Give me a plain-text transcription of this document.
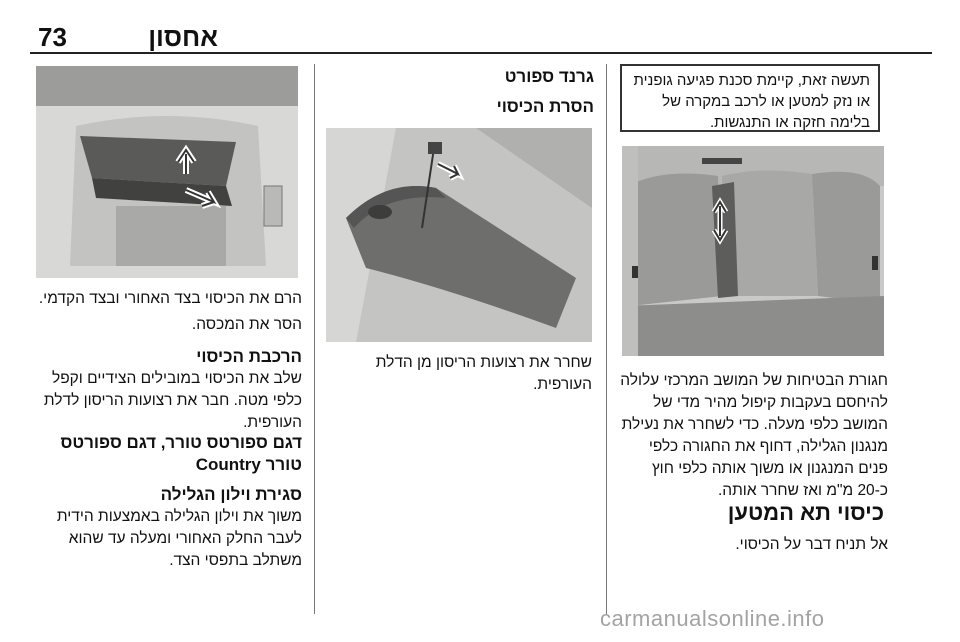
73	אחסון
תעשה זאת, קיימת סכנת פגיעה גופנית או נזק למטען או לרכב במקרה של בלימה חזקה או התנגשות.
חגורת הבטיחות של המושב המרכזי עלולה להיחסם בעקבות קיפול מהיר מדי של המושב כלפי מעלה. כדי לשחרר את נעילת מנגנון הגלילה, דחוף את החגורה כלפי פנים המנגנון או משוך אותה כלפי חוץ כ-20 מ"מ ואז שחרר אותה.
כיסוי תא המטען
אל תניח דבר על הכיסוי.
גרנד ספורט
הסרת הכיסוי
שחרר את רצועות הריסון מן הדלת העורפית.
הרם את הכיסוי בצד האחורי ובצד הקדמי.
הסר את המכסה.
הרכבת הכיסוי
שלב את הכיסוי במובילים הצידיים וקפל כלפי מטה. חבר את רצועות הריסון לדלת העורפית.
דגם ספורטס טורר, דגם ספורטס טורר Country
סגירת וילון הגלילה
משוך את וילון הגלילה באמצעות הידית לעבר החלק האחורי ומעלה עד שהוא משתלב בתפסי הצד.
carmanualsonline.info
